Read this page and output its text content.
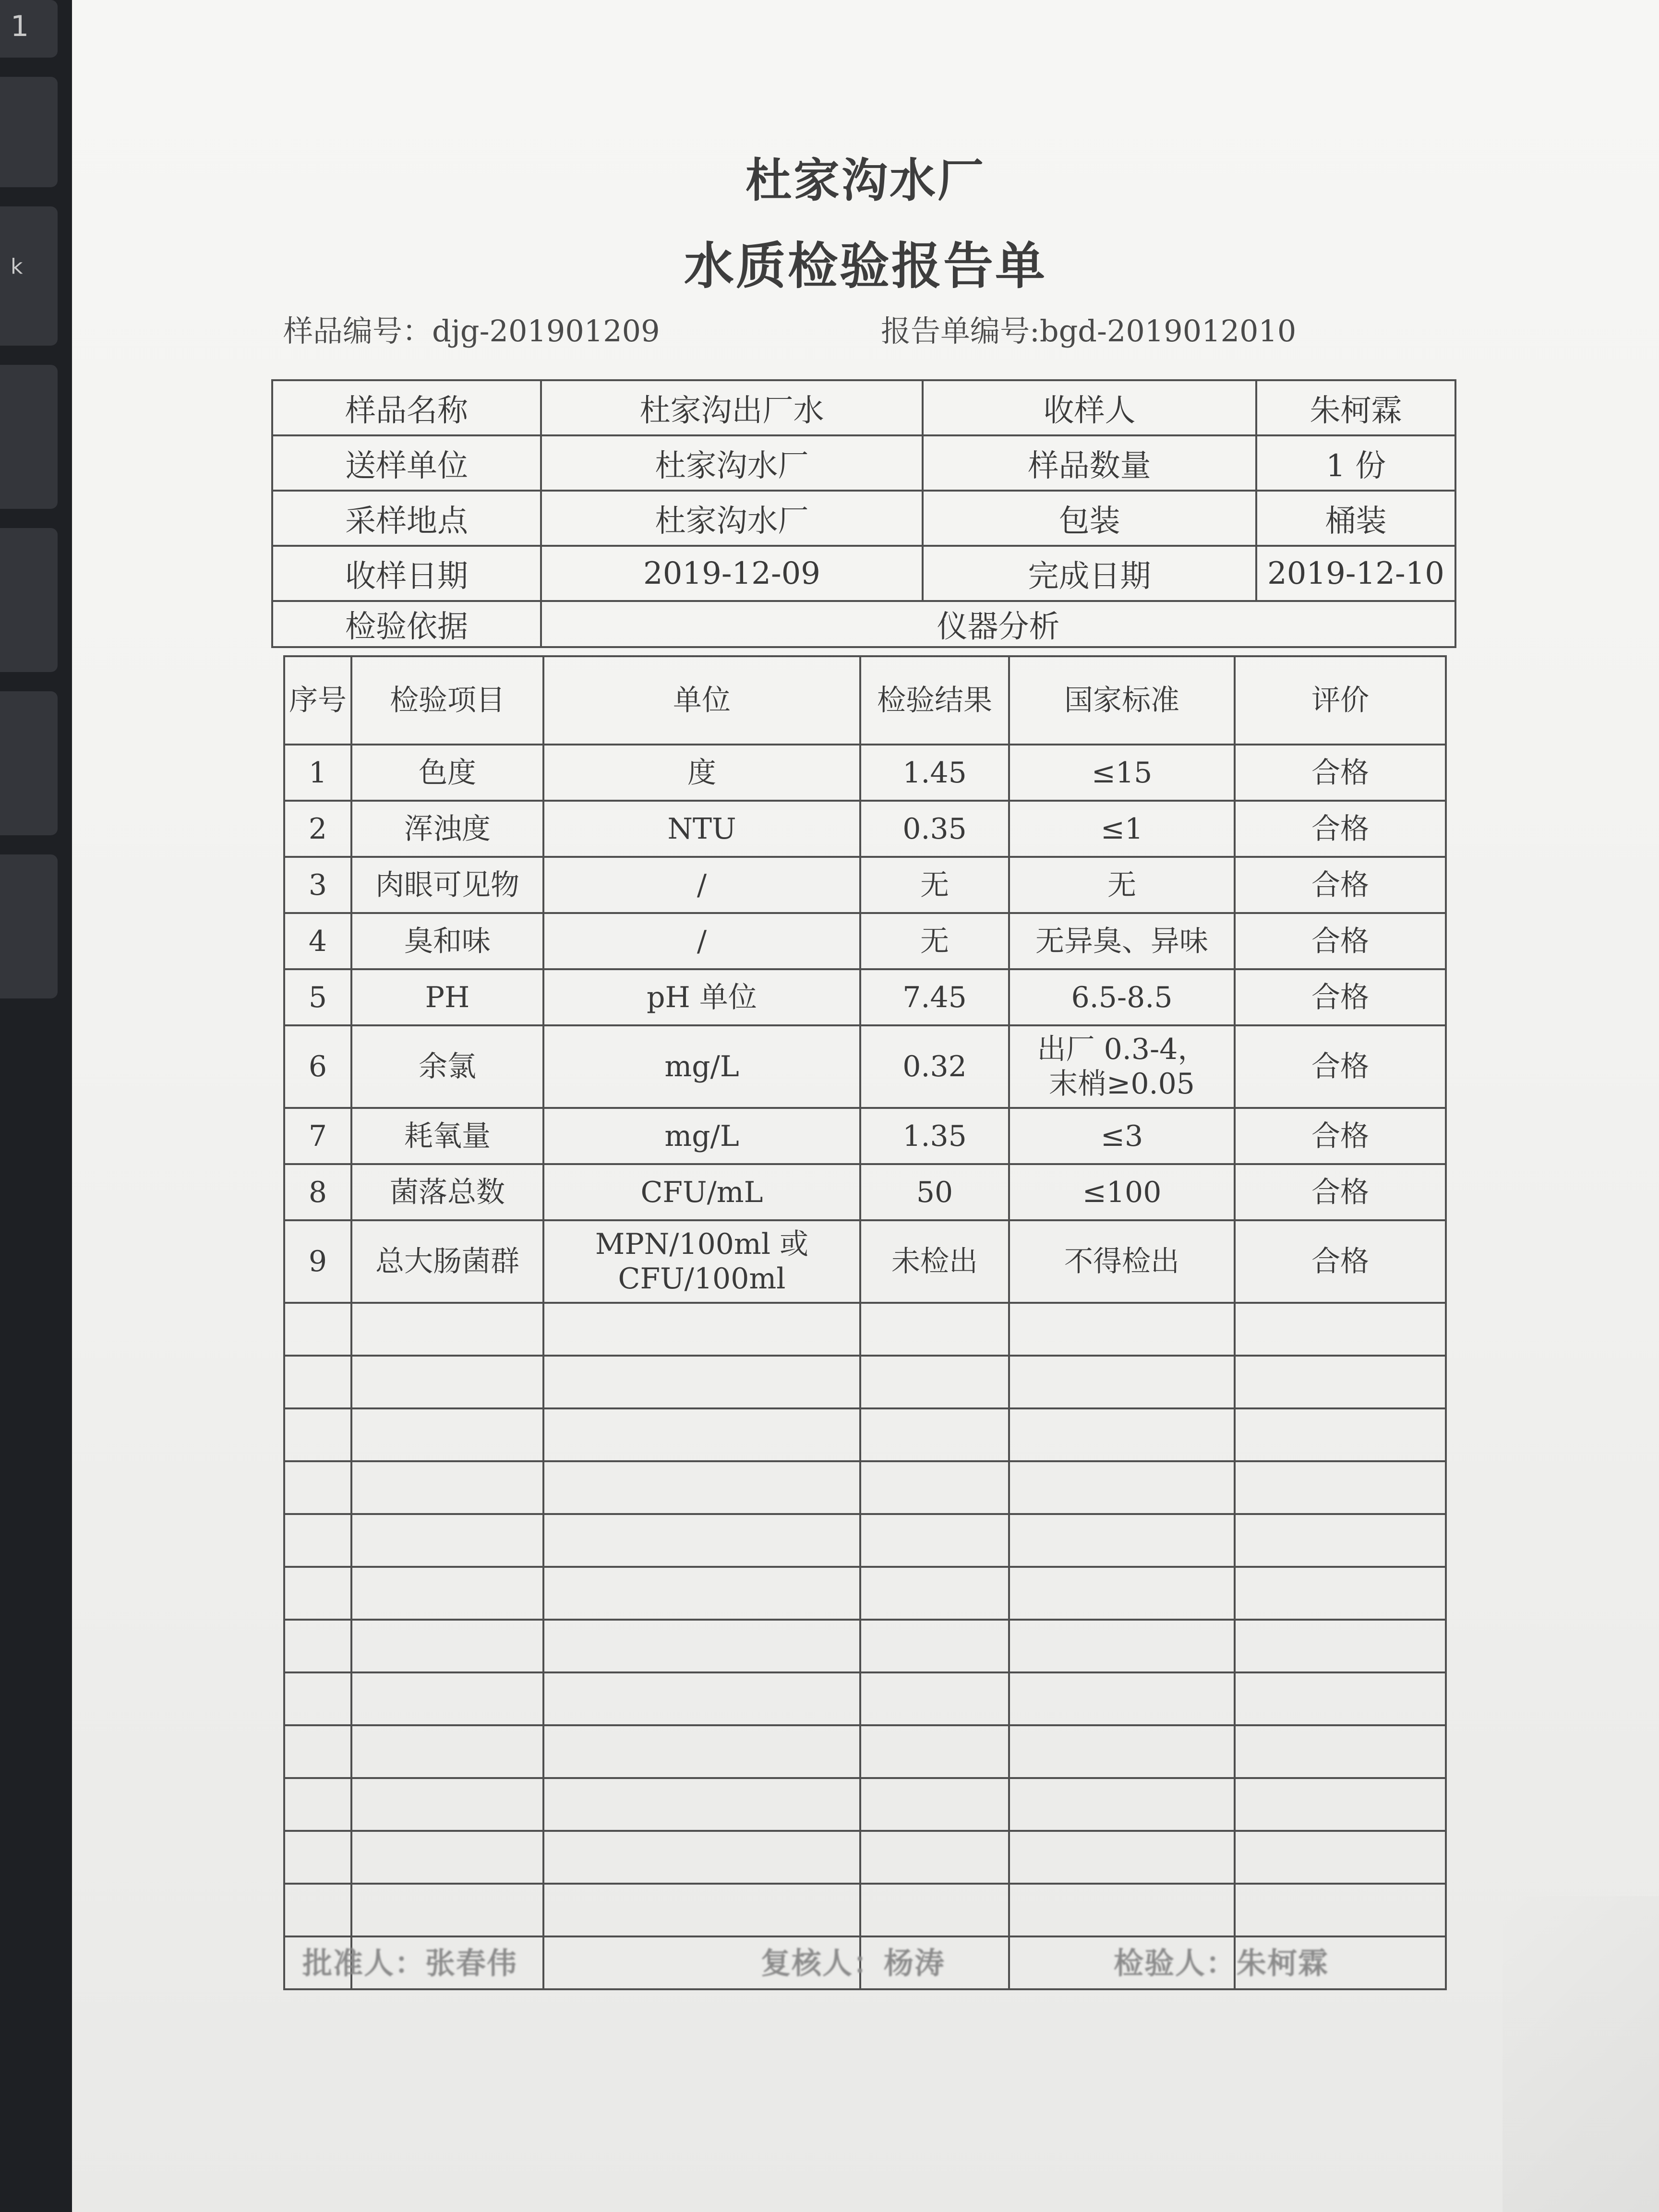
1
k
杜家沟水厂
水质检验报告单
样品编号：djg-201901209	报告单编号:bgd-2019012010
样品名称	杜家沟出厂水	收样人	朱柯霖
送样单位	杜家沟水厂	样品数量	1 份
采样地点	杜家沟水厂	包装	桶装
收样日期	2019-12-09	完成日期	2019-12-10
检验依据	仪器分析		
序号	检验项目	单位	检验结果	国家标准	评价
1	色度	度	1.45	≤15	合格
2	浑浊度	NTU	0.35	≤1	合格
3	肉眼可见物	/	无	无	合格
4	臭和味	/	无	无异臭、异味	合格
5	PH	pH 单位	7.45	6.5-8.5	合格
6	余氯	mg/L	0.32	出厂 0.3-4，末梢≥0.05	合格
7	耗氧量	mg/L	1.35	≤3	合格
8	菌落总数	CFU/mL	50	≤100	合格
9	总大肠菌群	MPN/100ml 或 CFU/100ml	未检出	不得检出	合格

批准人：张春伟	复核人：杨涛	检验人：朱柯霖
